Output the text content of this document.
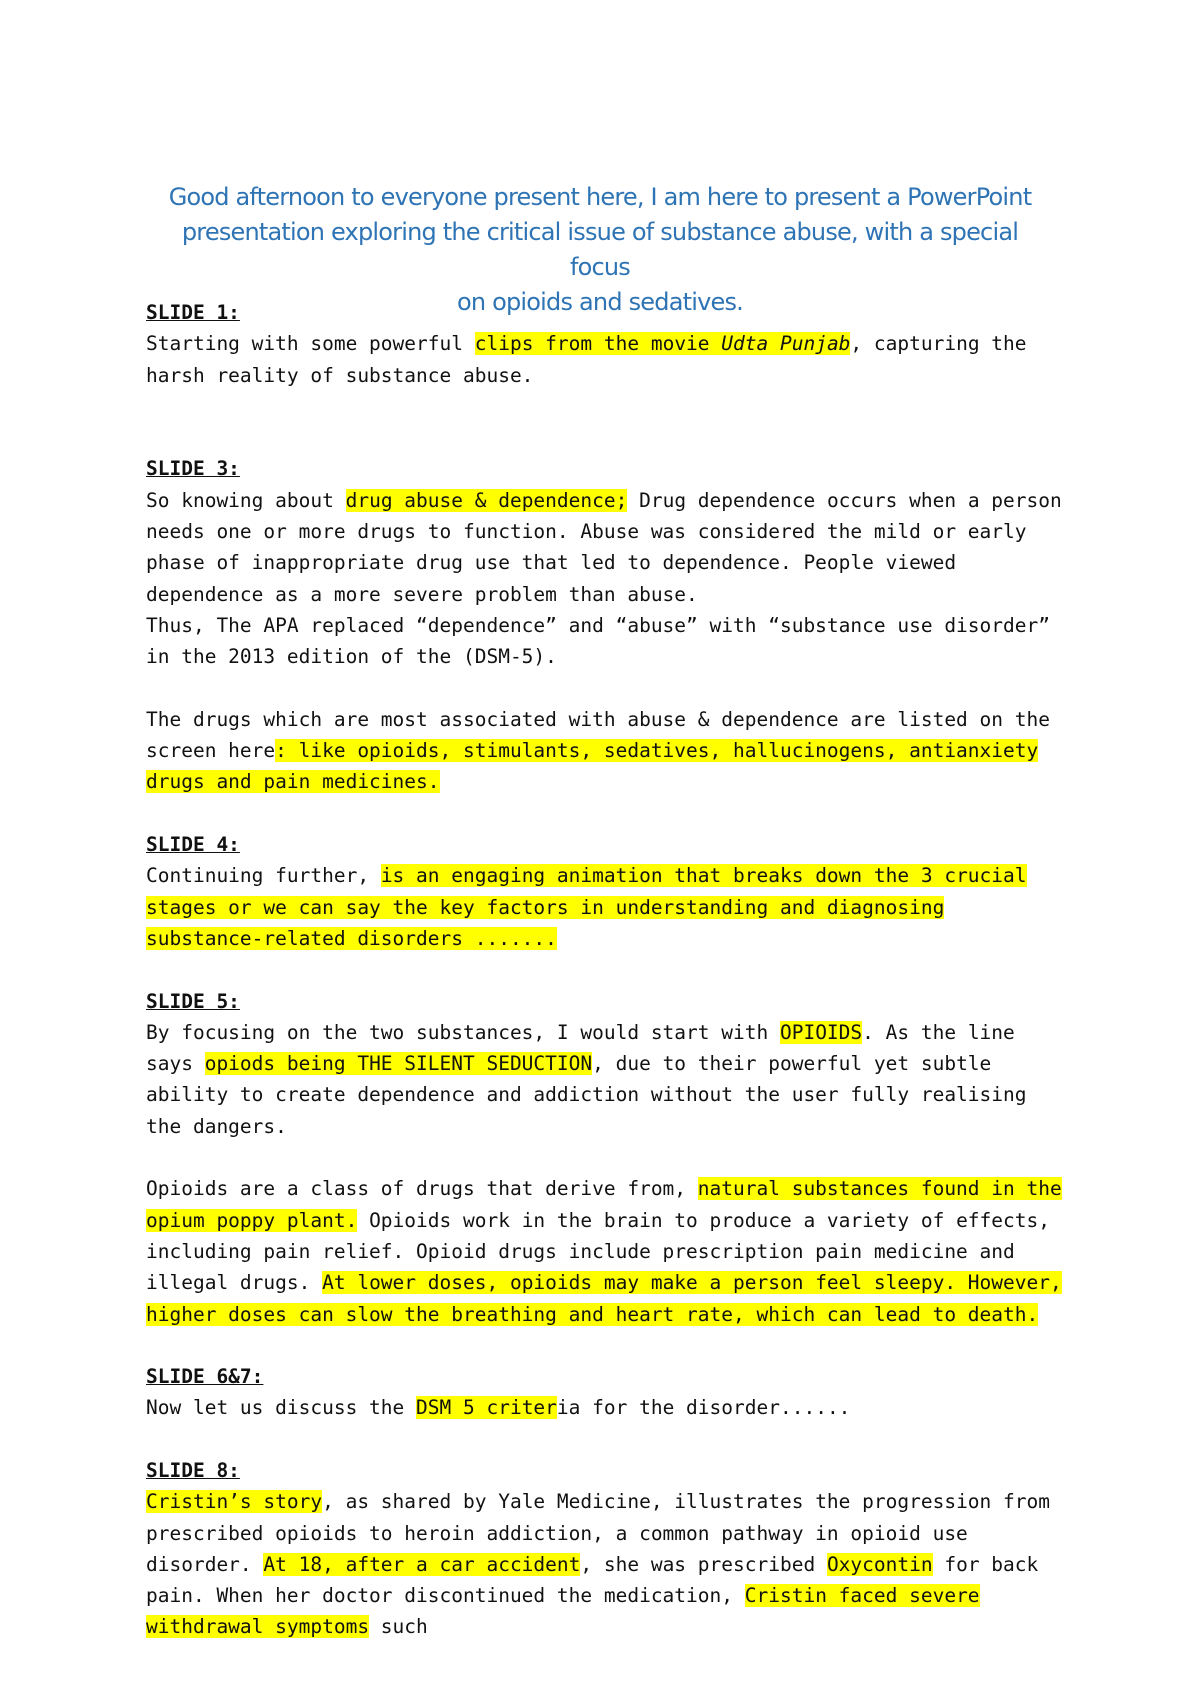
Good afternoon to everyone present here, I am here to present a PowerPoint

presentation exploring the critical issue of substance abuse, with a special focus

on opioids and sedatives.

SLIDE 1:
Starting with some powerful clips from the movie Udta Punjab, capturing the harsh reality of substance abuse.
SLIDE 3:
So knowing about drug abuse & dependence; Drug dependence occurs when a person needs one or more drugs to function. Abuse was considered the mild or early phase of inappropriate drug use that led to dependence. People viewed dependence as a more severe problem than abuse.
Thus, The APA replaced “dependence” and “abuse” with “substance use disorder” in the 2013 edition of the (DSM-5).
The drugs which are most associated with abuse & dependence are listed on the screen here: like opioids, stimulants, sedatives, hallucinogens, antianxiety drugs and pain medicines.
SLIDE 4:
Continuing further, is an engaging animation that breaks down the 3 crucial stages or we can say the key factors in understanding and diagnosing substance-related disorders .......
SLIDE 5:
By focusing on the two substances, I would start with OPIOIDS. As the line says opiods being THE SILENT SEDUCTION, due to their powerful yet subtle ability to create dependence and addiction without the user fully realising the dangers.
Opioids are a class of drugs that derive from, natural substances found in the opium poppy plant. Opioids work in the brain to produce a variety of effects, including pain relief. Opioid drugs include prescription pain medicine and illegal drugs. At lower doses, opioids may make a person feel sleepy. However, higher doses can slow the breathing and heart rate, which can lead to death.
SLIDE 6&7:
Now let us discuss the DSM 5 criteria for the disorder......
SLIDE 8:
Cristin’s story, as shared by Yale Medicine, illustrates the progression from prescribed opioids to heroin addiction, a common pathway in opioid use disorder. At 18, after a car accident, she was prescribed Oxycontin for back pain. When her doctor discontinued the medication, Cristin faced severe withdrawal symptoms such
